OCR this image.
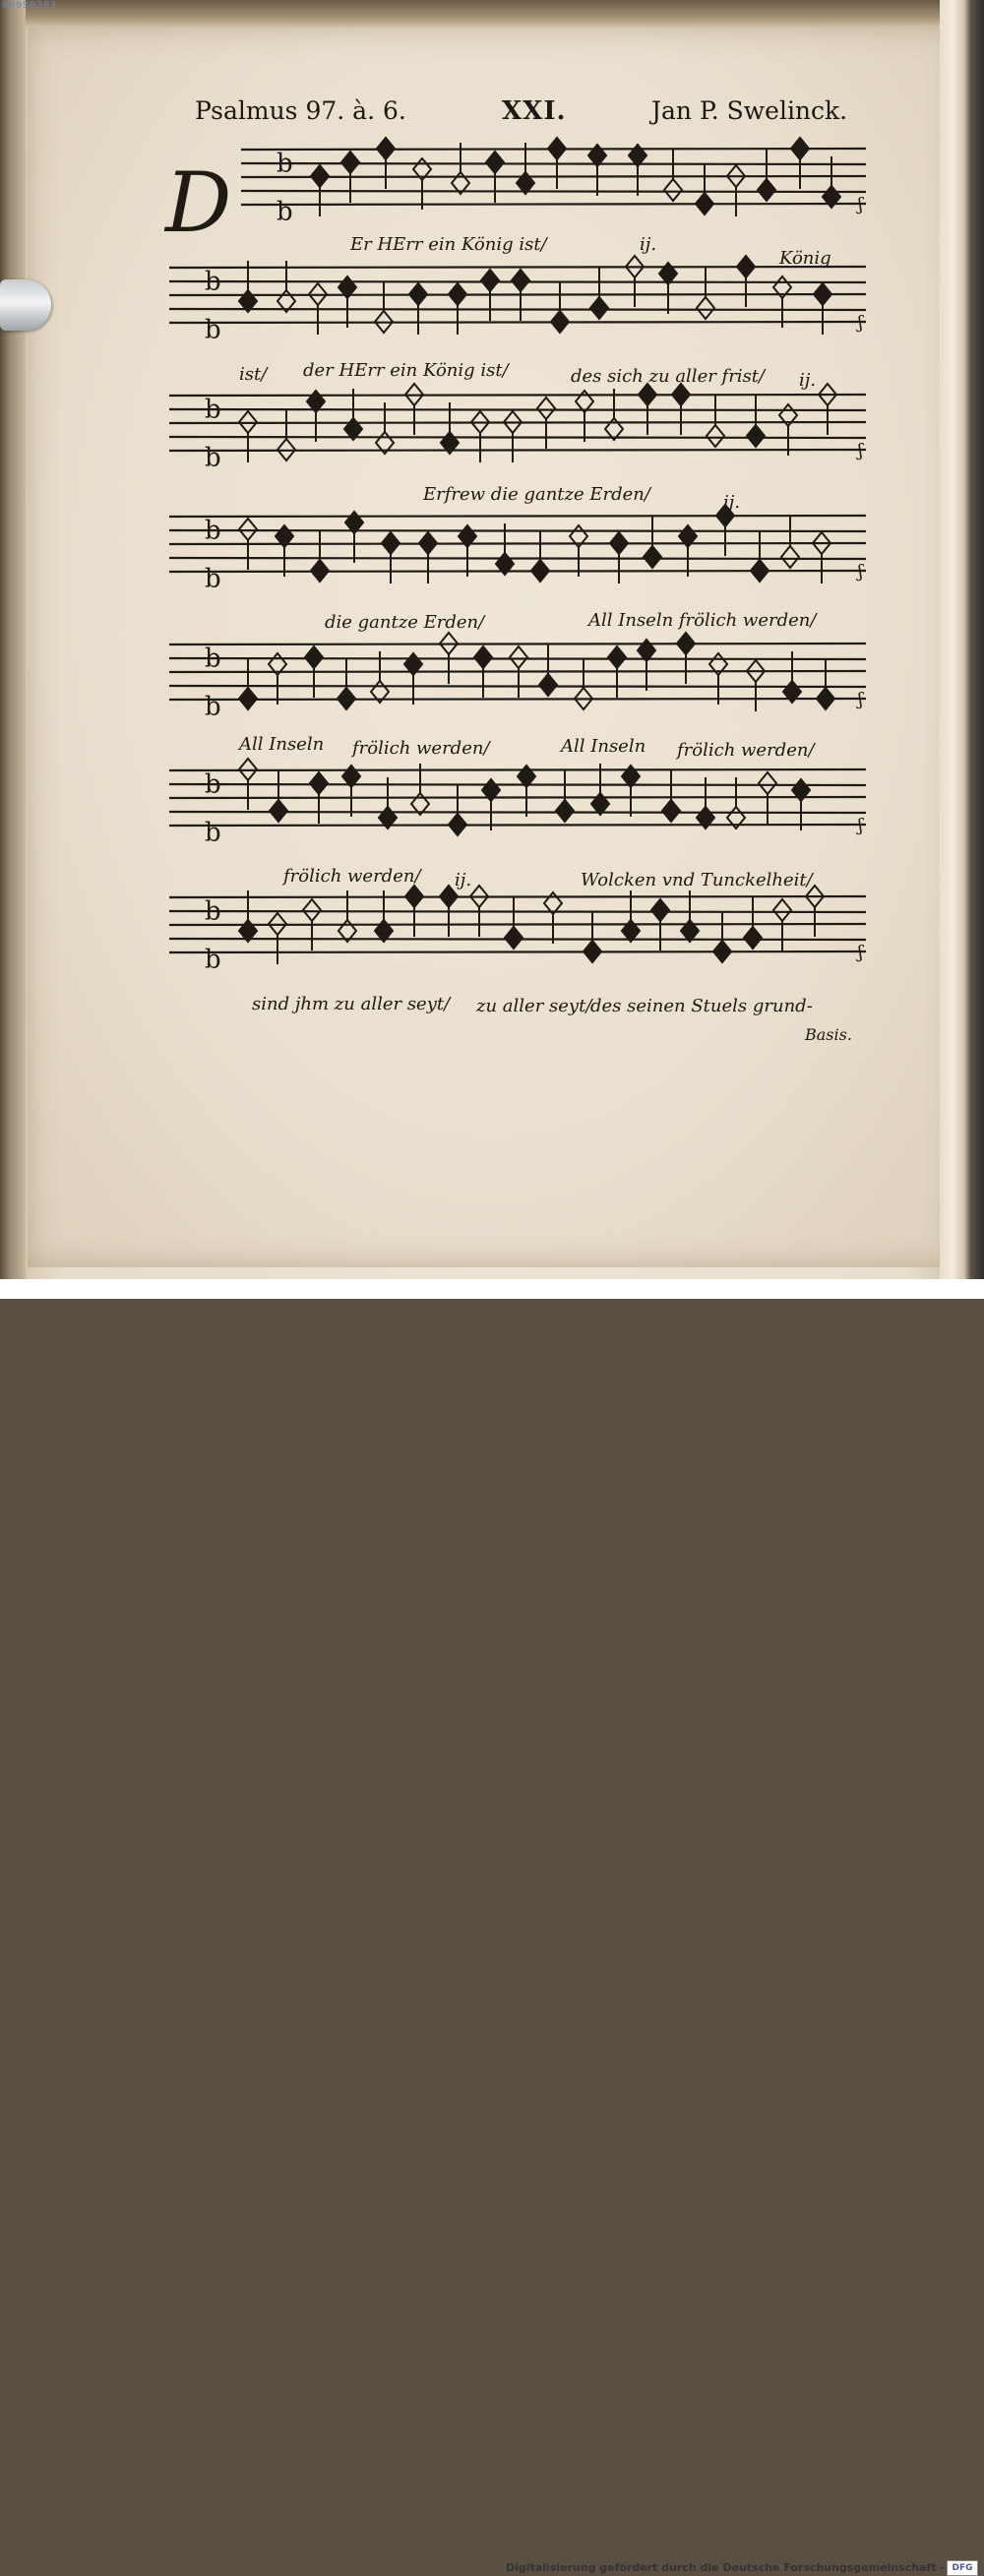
00090303
Psalmus 97. à. 6.	XXI.	Jan P. Swelinck.
D b
b	ʃ
b
b	ʃ
b
b	ʃ
b
b	ʃ
b
b	ʃ
b
b	ʃ
b
b	ʃ
Er HErr ein König ist/	ij.
König
ist/ der HErr ein König ist/	des sich zu aller frist/ ij.
Erfrew die gantze Erden/	ij.
die gantze Erden/	All Inseln frölich werden/
All Inseln frölich werden/	All Inseln frölich werden/
frölich werden/ ij.	Wolcken vnd Tunckelheit/
sind jhm zu aller seyt/ zu aller seyt/
des seinen Stuels grund-
Basis.
Digitalisierung gefördert durch die Deutsche Forschungsgemeinschaft - DFG
